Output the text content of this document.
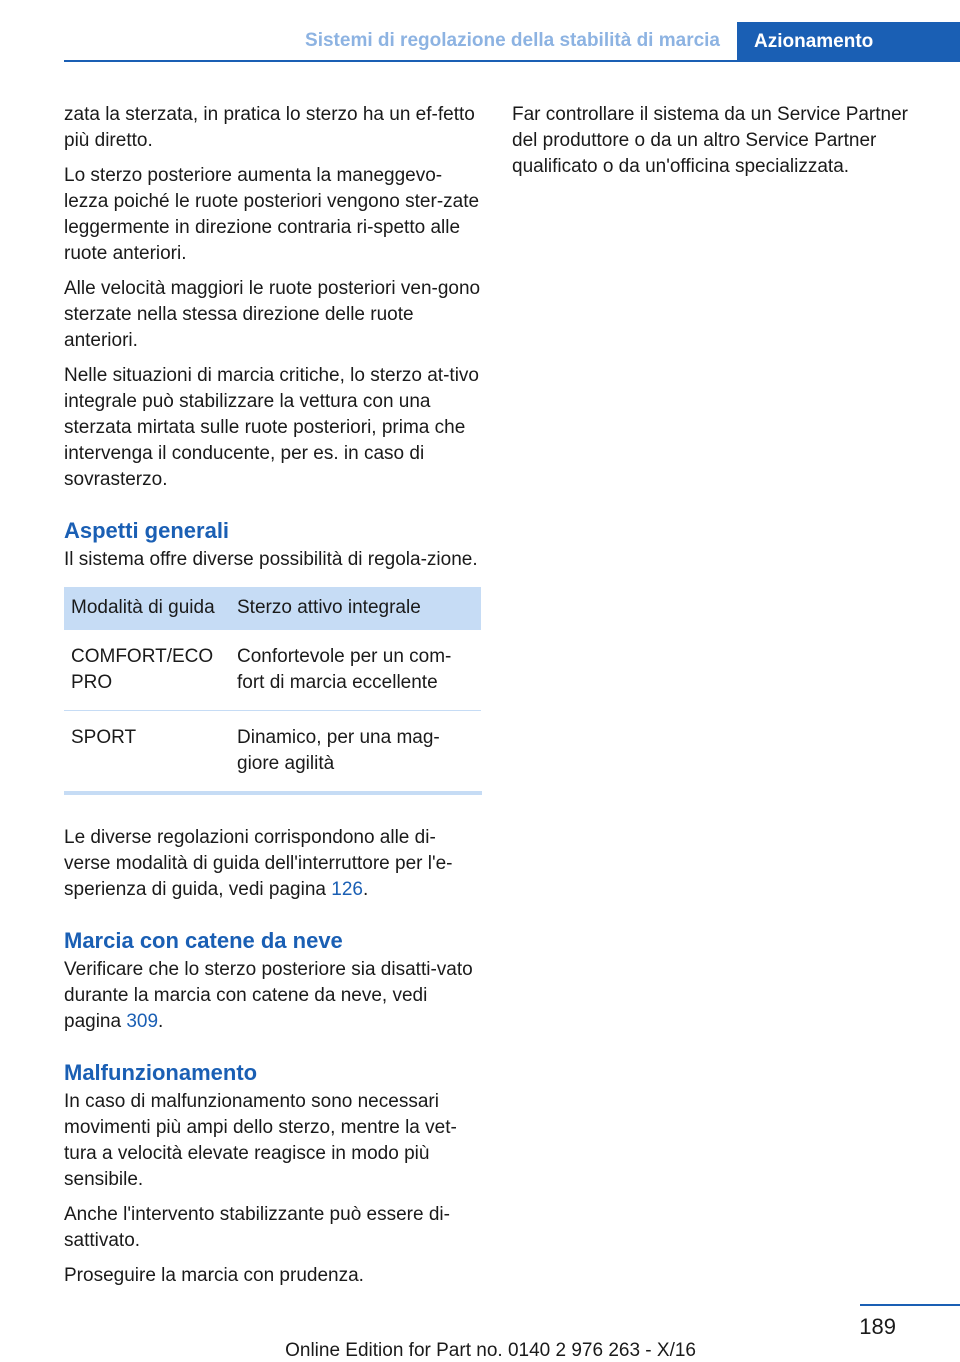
Sistemi di regolazione della stabilità di marcia	Azionamento

zata la sterzata, in pratica lo sterzo ha un ef-fetto più diretto.

Lo sterzo posteriore aumenta la maneggevo-lezza poiché le ruote posteriori vengono ster-zate leggermente in direzione contraria ri-spetto alle ruote anteriori.

Alle velocità maggiori le ruote posteriori ven-gono sterzate nella stessa direzione delle ruote anteriori.

Nelle situazioni di marcia critiche, lo sterzo at-tivo integrale può stabilizzare la vettura con una sterzata mirtata sulle ruote posteriori, prima che intervenga il conducente, per es. in caso di sovrasterzo.

Aspetti generali

Il sistema offre diverse possibilità di regola-zione.

Modalità di guida	Sterzo attivo integrale
COMFORT/ECO PRO	Confortevole per un com-fort di marcia eccellente
SPORT	Dinamico, per una mag-giore agilità

Le diverse regolazioni corrispondono alle di-verse modalità di guida dell'interruttore per l'e-sperienza di guida, vedi pagina 126.

Marcia con catene da neve

Verificare che lo sterzo posteriore sia disatti-vato durante la marcia con catene da neve, vedi pagina 309.

Malfunzionamento

In caso di malfunzionamento sono necessari movimenti più ampi dello sterzo, mentre la vet-tura a velocità elevate reagisce in modo più sensibile.

Anche l'intervento stabilizzante può essere di-sattivato.

Proseguire la marcia con prudenza.

Far controllare il sistema da un Service Partner del produttore o da un altro Service Partner qualificato o da un'officina specializzata.

189
Online Edition for Part no. 0140 2 976 263 - X/16
